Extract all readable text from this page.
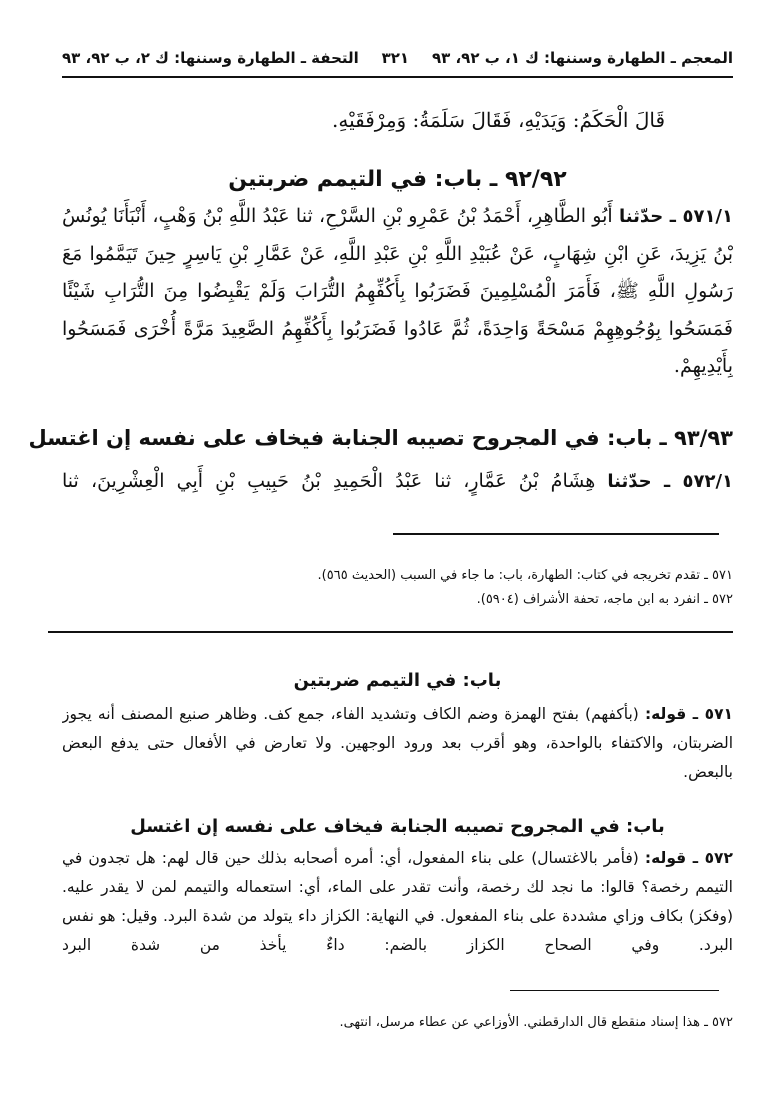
التحفة ـ الطهارة وسننها: ك ٢، ب ٩٢، ٩٣ ٣٢١ المعجم ـ الطهارة وسننها: ك ١، ب ٩٢، ٩٣
قَالَ الْحَكَمُ: وَيَدَيْهِ، فَقَالَ سَلَمَةُ: وَمِرْفَقَيْهِ.
٩٢/٩٢ ـ باب: في التيمم ضربتين
٥٧١/١ ـ حدّثنا أَبُو الطَّاهِرِ، أَحْمَدُ بْنُ عَمْرِو بْنِ السَّرْحِ، ثنا عَبْدُ اللَّهِ بْنُ وَهْبٍ، أَنْبَأَنَا يُونُسُ بْنُ يَزِيدَ، عَنِ ابْنِ شِهَابٍ، عَنْ عُبَيْدِ اللَّهِ بْنِ عَبْدِ اللَّهِ، عَنْ عَمَّارِ بْنِ يَاسِرٍ حِينَ تَيَمَّمُوا مَعَ رَسُولِ اللَّهِ ﷺ، فَأَمَرَ الْمُسْلِمِينَ فَضَرَبُوا بِأَكُفِّهِمُ التُّرَابَ وَلَمْ يَقْبِضُوا مِنَ التُّرَابِ شَيْئًا فَمَسَحُوا بِوُجُوهِهِمْ مَسْحَةً وَاحِدَةً، ثُمَّ عَادُوا فَضَرَبُوا بِأَكُفِّهِمُ الصَّعِيدَ مَرَّةً أُخْرَى فَمَسَحُوا بِأَيْدِيهِمْ.
٩٣/٩٣ ـ باب: في المجروح تصيبه الجنابة فيخاف على نفسه إن اغتسل
٥٧٢/١ ـ حدّثنا هِشَامُ بْنُ عَمَّارٍ، ثنا عَبْدُ الْحَمِيدِ بْنُ حَبِيبِ بْنِ أَبِي الْعِشْرِينَ، ثنا
٥٧١ ـ تقدم تخريجه في كتاب: الطهارة، باب: ما جاء في السبب (الحديث ٥٦٥).
٥٧٢ ـ انفرد به ابن ماجه، تحفة الأشراف (٥٩٠٤).
باب: في التيمم ضربتين
٥٧١ ـ قوله: (بأكفهم) بفتح الهمزة وضم الكاف وتشديد الفاء، جمع كف. وظاهر صنيع المصنف أنه يجوز الضربتان، والاكتفاء بالواحدة، وهو أقرب بعد ورود الوجهين. ولا تعارض في الأفعال حتى يدفع البعض بالبعض.
باب: في المجروح تصيبه الجنابة فيخاف على نفسه إن اغتسل
٥٧٢ ـ قوله: (فأمر بالاغتسال) على بناء المفعول، أي: أمره أصحابه بذلك حين قال لهم: هل تجدون في التيمم رخصة؟ قالوا: ما نجد لك رخصة، وأنت تقدر على الماء، أي: استعماله والتيمم لمن لا يقدر عليه. (وفكز) بكاف وزاي مشددة على بناء المفعول. في النهاية: الكزاز داء يتولد من شدة البرد. وقيل: هو نفس البرد. وفي الصحاح الكزاز بالضم: داءٌ يأخذ من شدة البرد
٥٧٢ ـ هذا إسناد منقطع قال الدارقطني. الأوزاعي عن عطاء مرسل، انتهى.
